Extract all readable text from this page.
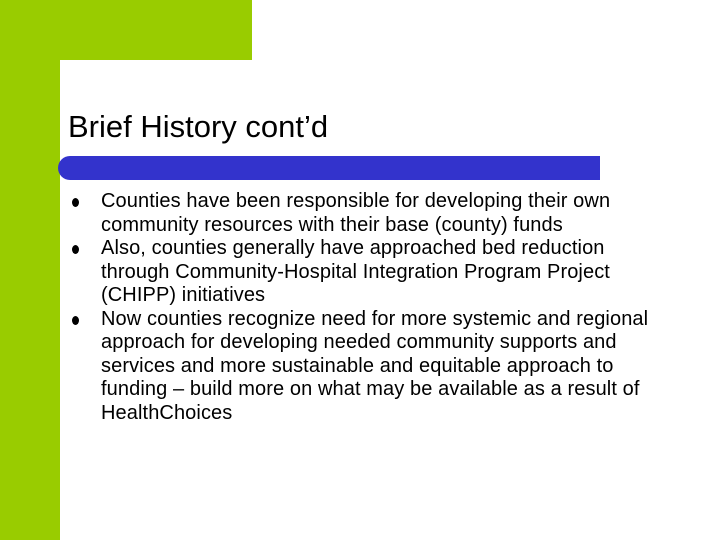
Brief History cont’d
Counties have been responsible for developing their own community resources with their base (county) funds
Also, counties generally have approached bed reduction through Community-Hospital Integration Program Project (CHIPP) initiatives
Now counties recognize need for more systemic and regional approach for developing needed community supports and services and more sustainable and equitable approach to funding – build more on what may be available as a result of HealthChoices
